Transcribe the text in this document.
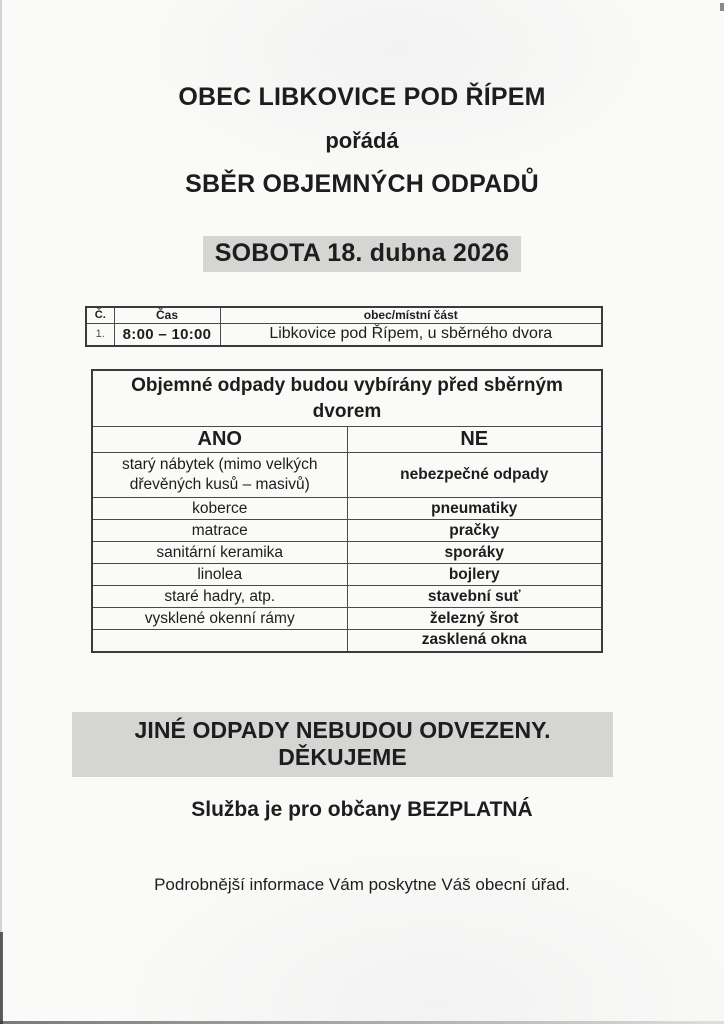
OBEC LIBKOVICE POD ŘÍPEM
pořádá
SBĚR OBJEMNÝCH ODPADŮ
SOBOTA 18. dubna 2026
Č.	Čas	obec/místní část
1.	8:00 – 10:00	Libkovice pod Řípem, u sběrného dvora
Objemné odpady budou vybírány před sběrným dvorem	
ANO	NE
starý nábytek (mimo velkých dřevěných kusů – masivů)	nebezpečné odpady
koberce	pneumatiky
matrace	pračky
sanitární keramika	sporáky
linolea	bojlery
staré hadry, atp.	stavební suť
vysklené okenní rámy	železný šrot
	zasklená okna
JINÉ ODPADY NEBUDOU ODVEZENY. DĚKUJEME
Služba je pro občany BEZPLATNÁ
Podrobnější informace Vám poskytne Váš obecní úřad.
